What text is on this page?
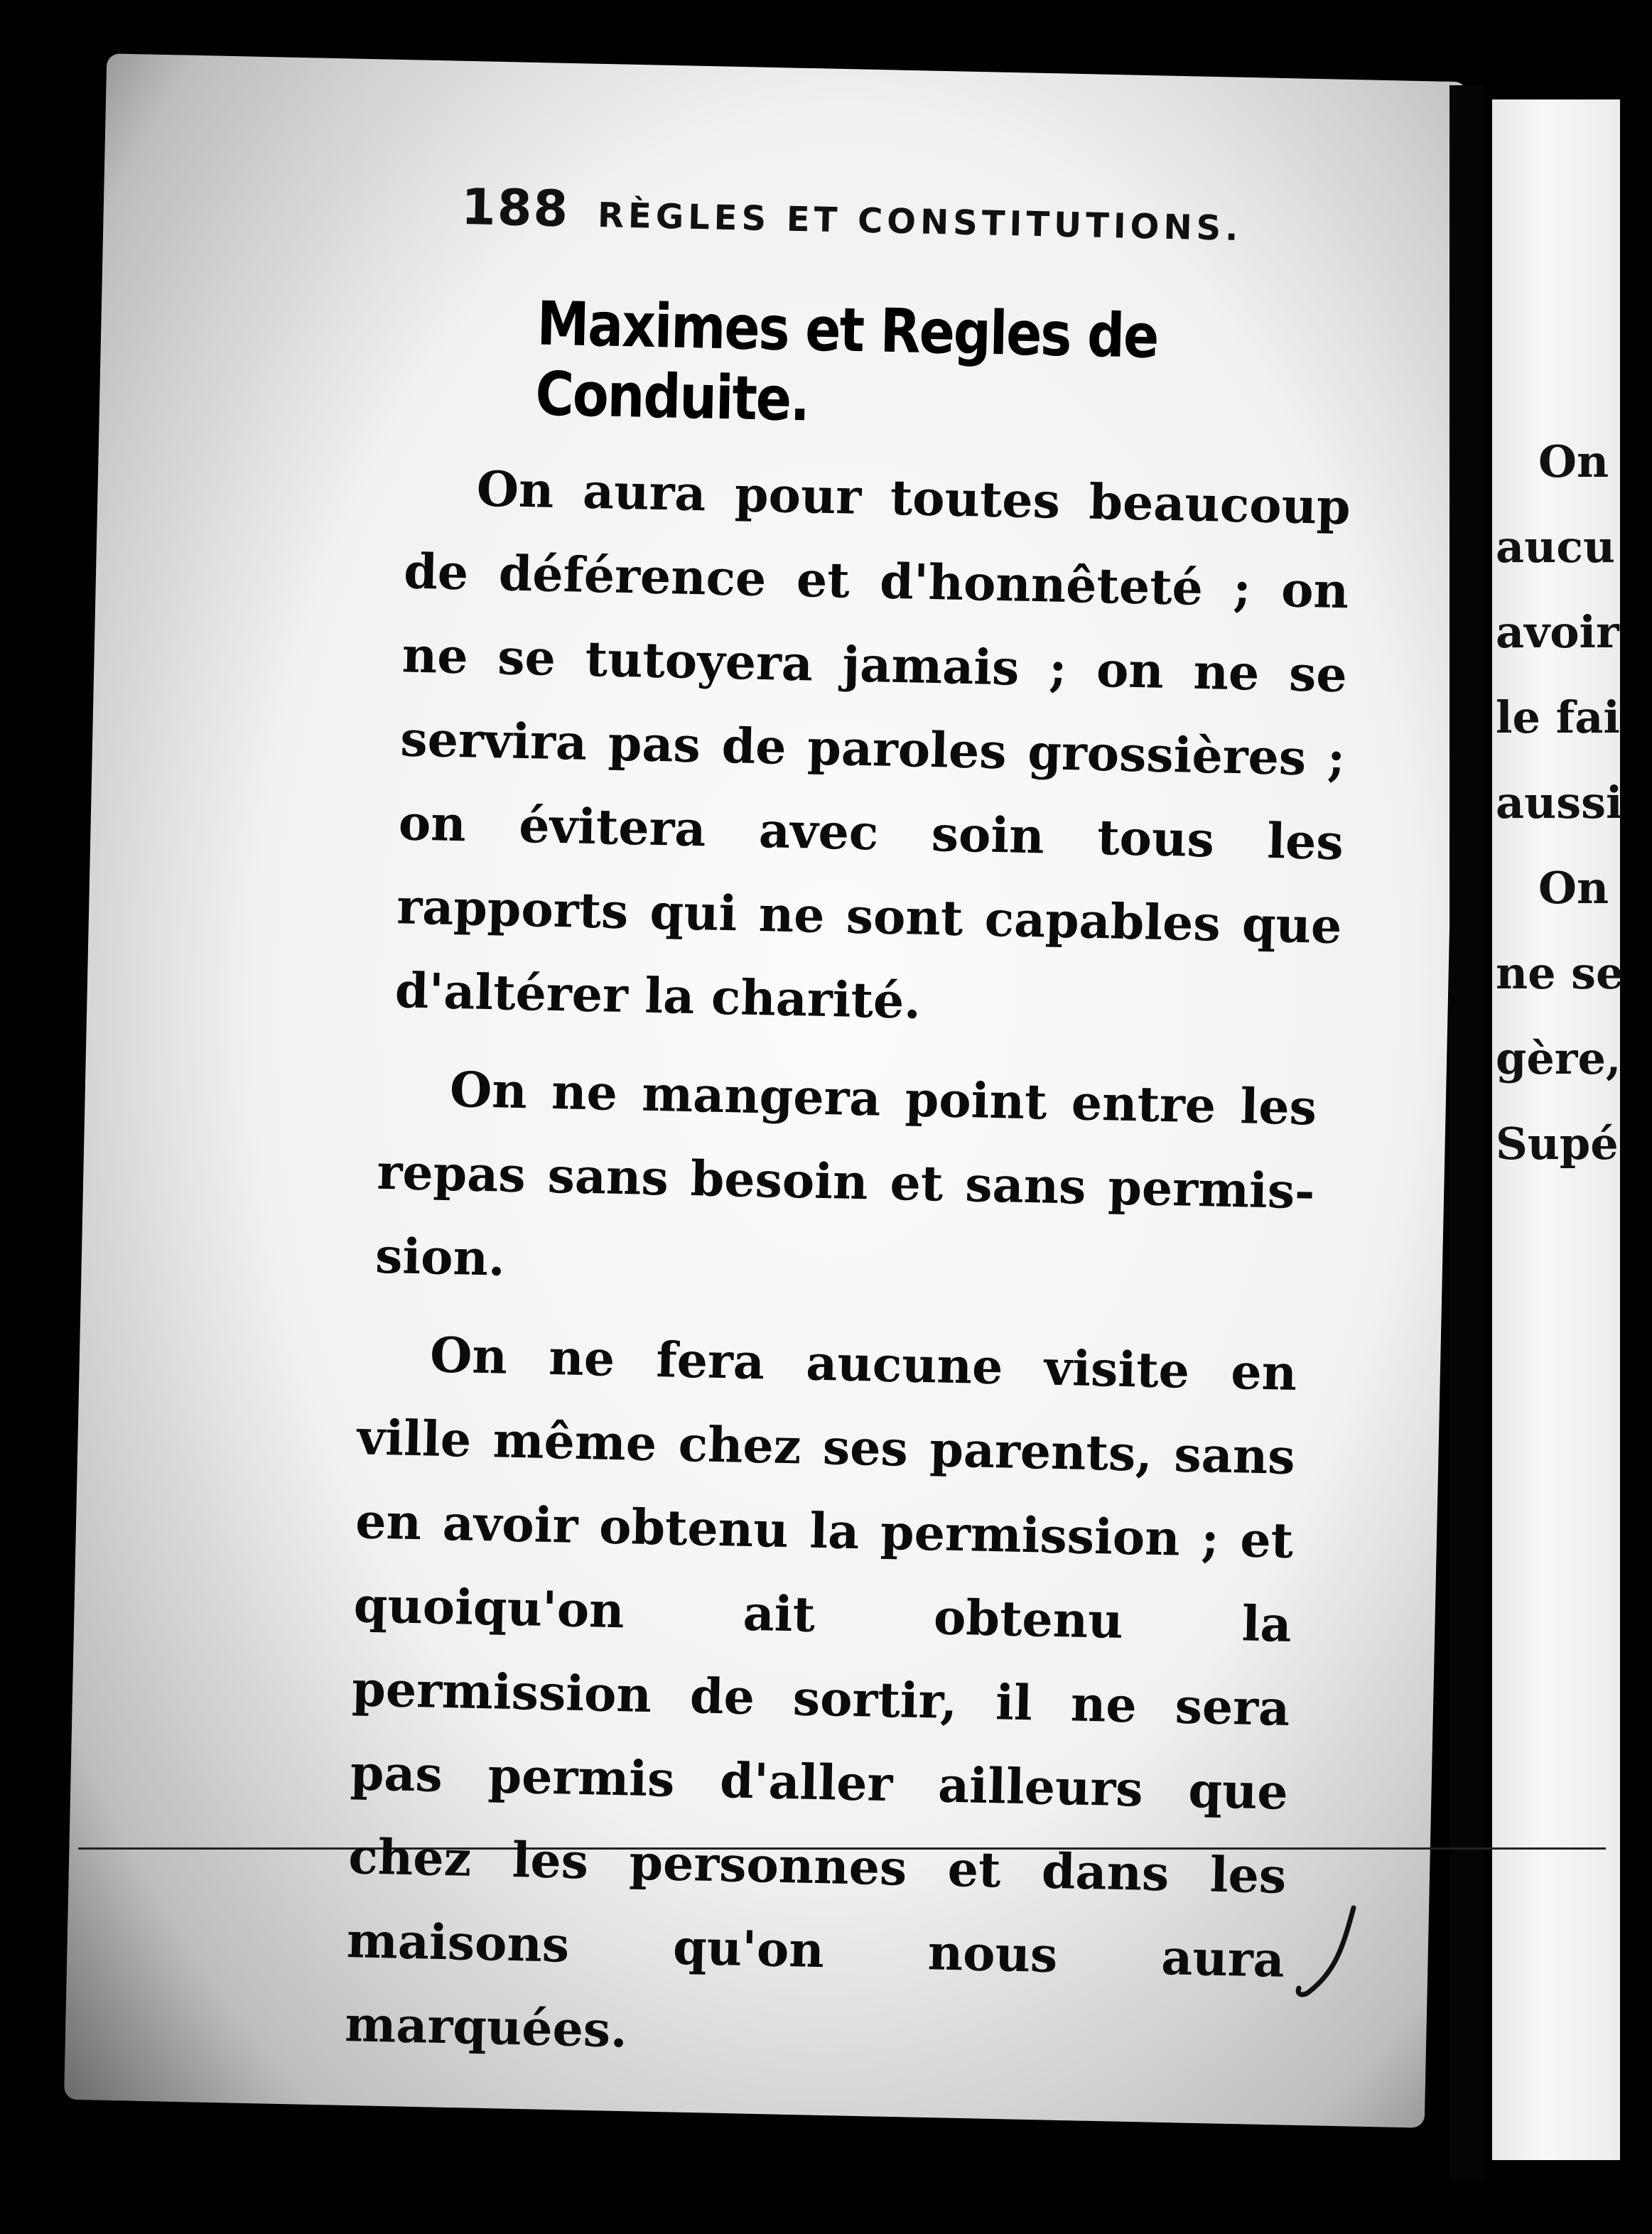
188 RÈGLES ET CONSTITUTIONS.
Maximes et Regles de Conduite.

On aura pour toutes beaucoup de déférence et d'honnêteté ; on ne se tutoyera jamais ; on ne se servira pas de paroles grossières ; on évitera avec soin tous les rapports qui ne sont capables que d'altérer la charité.

On ne mangera point entre les repas sans besoin et sans permission.

On ne fera aucune visite en ville même chez ses parents, sans en avoir obtenu la permission ; et quoiqu'on ait obtenu la permission de sortir, il ne sera pas permis d'aller ailleurs que chez les personnes et dans les maisons qu'on nous aura marquées.

On
aucu
avoir
le fai
aussi
On
ne se
gère,
Supé
